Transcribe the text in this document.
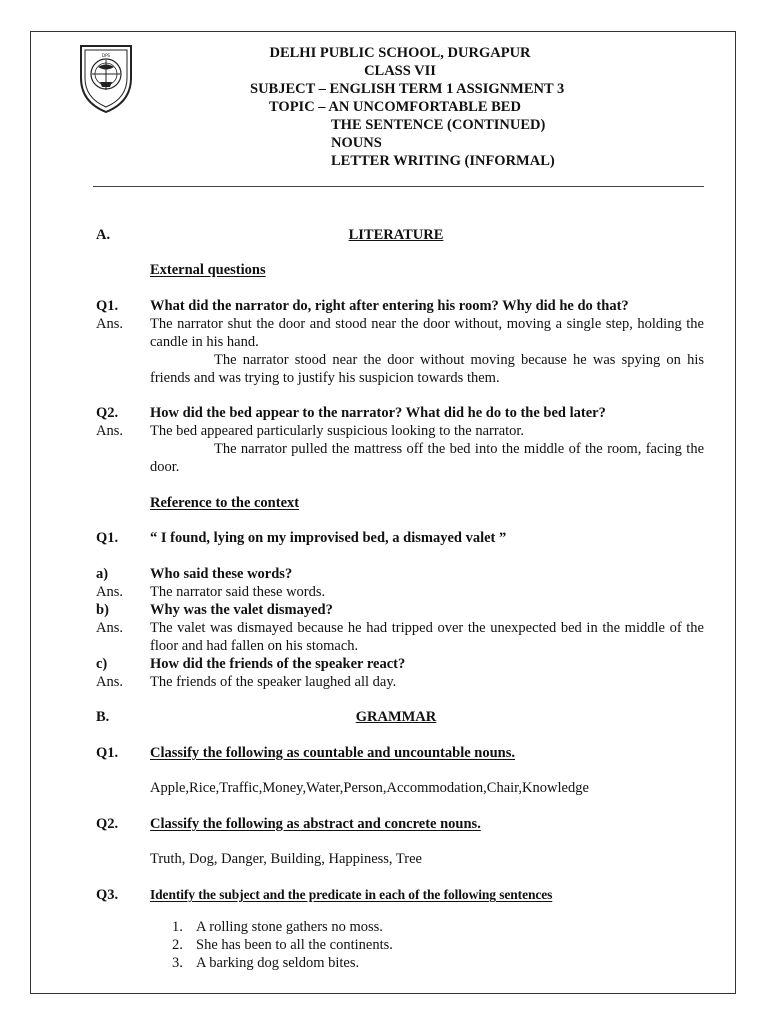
DPS	DELHI PUBLIC SCHOOL, DURGAPUR
CLASS VII
SUBJECT – ENGLISH TERM 1 ASSIGNMENT 3
TOPIC – AN UNCOMFORTABLE BED
THE SENTENCE (CONTINUED)
NOUNS
LETTER WRITING (INFORMAL)
A.	LITERATURE
External questions
Q1. What did the narrator do, right after entering his room? Why did he do that?
Ans. The narrator shut the door and stood near the door without, moving a single step, holding the candle in his hand.
The narrator stood near the door without moving because he was spying on his friends and was trying to justify his suspicion towards them.
Q2. How did the bed appear to the narrator? What did he do to the bed later?
Ans. The bed appeared particularly suspicious looking to the narrator.
The narrator pulled the mattress off the bed into the middle of the room, facing the door.
Reference to the context
Q1. “ I found, lying on my improvised bed, a dismayed valet ”
a)	Who said these words?
Ans. The narrator said these words.
b)	Why was the valet dismayed?
Ans. The valet was dismayed because he had tripped over the unexpected bed in the middle of the floor and had fallen on his stomach.
c)	How did the friends of the speaker react?
Ans. The friends of the speaker laughed all day.
B.	GRAMMAR
Q1. Classify the following as countable and uncountable nouns.
Apple,Rice,Traffic,Money,Water,Person,Accommodation,Chair,Knowledge
Q2. Classify the following as abstract and concrete nouns.
Truth, Dog, Danger, Building, Happiness, Tree
Q3. Identify the subject and the predicate in each of the following sentences
1. A rolling stone gathers no moss.
2. She has been to all the continents.
3. A barking dog seldom bites.
